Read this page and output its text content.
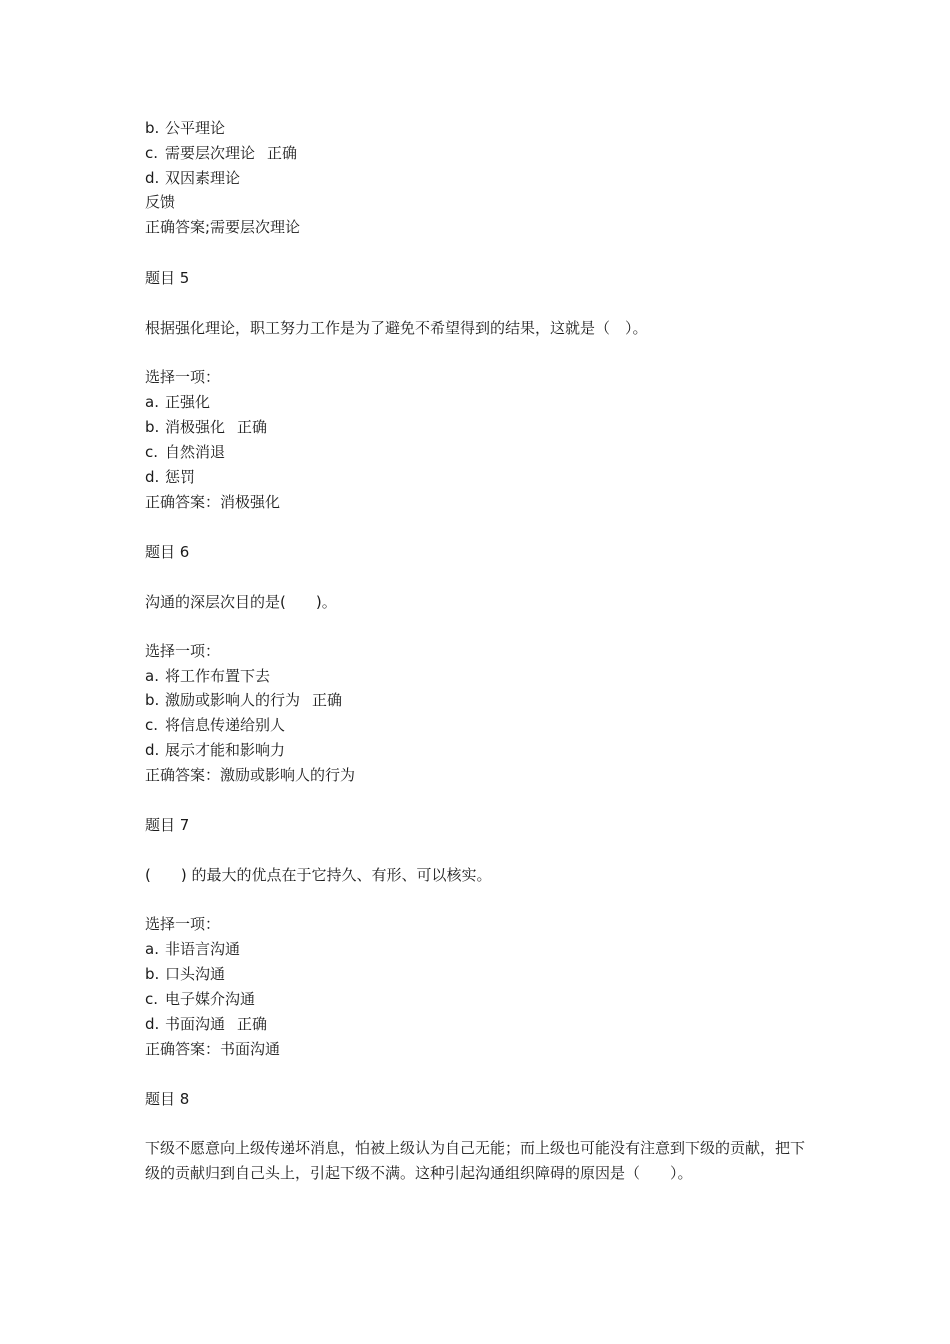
b. 公平理论
c. 需要层次理论 正确
d. 双因素理论
反馈
正确答案;需要层次理论
题目 5
根据强化理论，职工努力工作是为了避免不希望得到的结果，这就是（　）。
选择一项：
a. 正强化
b. 消极强化 正确
c. 自然消退
d. 惩罚
正确答案：消极强化
题目 6
沟通的深层次目的是(　　)。
选择一项：
a. 将工作布置下去
b. 激励或影响人的行为 正确
c. 将信息传递给别人
d. 展示才能和影响力
正确答案：激励或影响人的行为
题目 7
(　　) 的最大的优点在于它持久、有形、可以核实。
选择一项：
a. 非语言沟通
b. 口头沟通
c. 电子媒介沟通
d. 书面沟通 正确
正确答案：书面沟通
题目 8
下级不愿意向上级传递坏消息，怕被上级认为自己无能；而上级也可能没有注意到下级的贡献，把下级的贡献归到自己头上，引起下级不满。这种引起沟通组织障碍的原因是（　　）。
